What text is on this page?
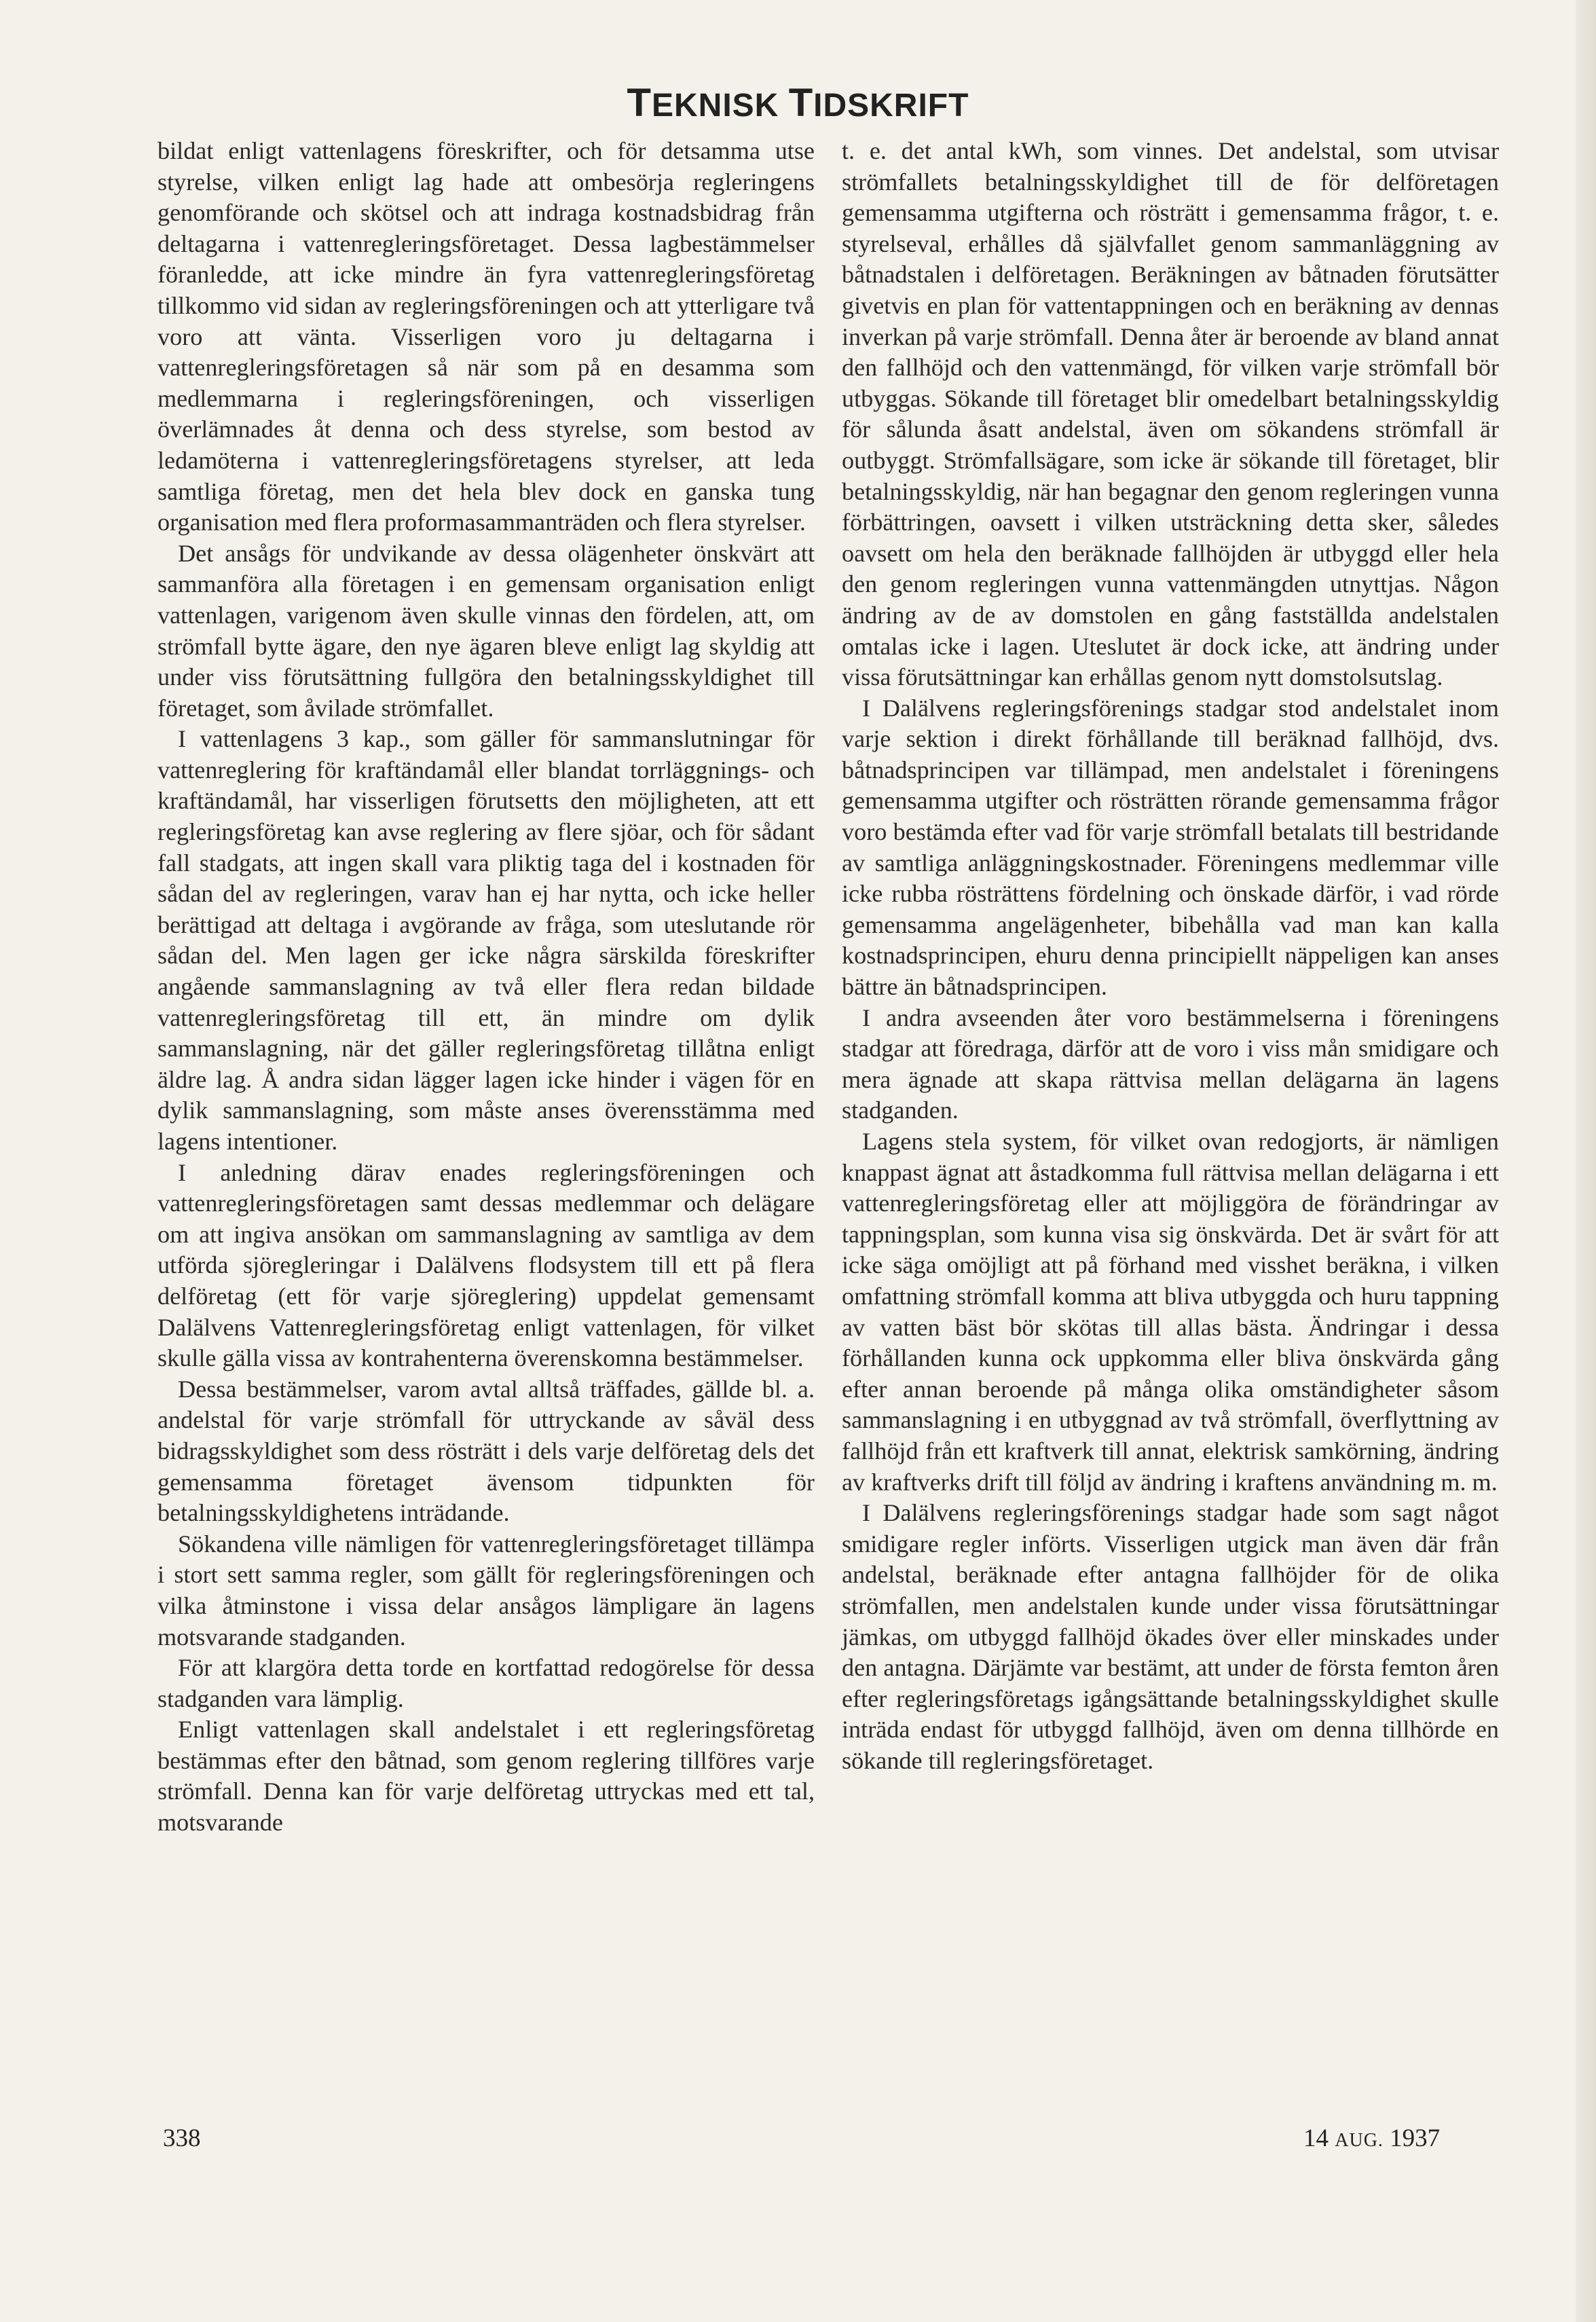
TEKNISK TIDSKRIFT

bildat enligt vattenlagens föreskrifter, och för detsamma utse styrelse, vilken enligt lag hade att ombesörja regleringens genomförande och skötsel och att indraga kostnadsbidrag från deltagarna i vattenregleringsföretaget. Dessa lagbestämmelser föranledde, att icke mindre än fyra vattenregleringsföretag tillkommo vid sidan av regleringsföreningen och att ytterligare två voro att vänta. Visserligen voro ju deltagarna i vattenregleringsföretagen så när som på en desamma som medlemmarna i regleringsföreningen, och visserligen överlämnades åt denna och dess styrelse, som bestod av ledamöterna i vattenregleringsföretagens styrelser, att leda samtliga företag, men det hela blev dock en ganska tung organisation med flera proformasammanträden och flera styrelser.

Det ansågs för undvikande av dessa olägenheter önskvärt att sammanföra alla företagen i en gemensam organisation enligt vattenlagen, varigenom även skulle vinnas den fördelen, att, om strömfall bytte ägare, den nye ägaren bleve enligt lag skyldig att under viss förutsättning fullgöra den betalningsskyldighet till företaget, som åvilade strömfallet.

I vattenlagens 3 kap., som gäller för sammanslutningar för vattenreglering för kraftändamål eller blandat torrläggnings- och kraftändamål, har visserligen förutsetts den möjligheten, att ett regleringsföretag kan avse reglering av flere sjöar, och för sådant fall stadgats, att ingen skall vara pliktig taga del i kostnaden för sådan del av regleringen, varav han ej har nytta, och icke heller berättigad att deltaga i avgörande av fråga, som uteslutande rör sådan del. Men lagen ger icke några särskilda föreskrifter angående sammanslagning av två eller flera redan bildade vattenregleringsföretag till ett, än mindre om dylik sammanslagning, när det gäller regleringsföretag tillåtna enligt äldre lag. Å andra sidan lägger lagen icke hinder i vägen för en dylik sammanslagning, som måste anses överensstämma med lagens intentioner.

I anledning därav enades regleringsföreningen och vattenregleringsföretagen samt dessas medlemmar och delägare om att ingiva ansökan om sammanslagning av samtliga av dem utförda sjöregleringar i Dalälvens flodsystem till ett på flera delföretag (ett för varje sjöreglering) uppdelat gemensamt Dalälvens Vattenregleringsföretag enligt vattenlagen, för vilket skulle gälla vissa av kontrahenterna överenskomna bestämmelser.

Dessa bestämmelser, varom avtal alltså träffades, gällde bl. a. andelstal för varje strömfall för uttryckande av såväl dess bidragsskyldighet som dess rösträtt i dels varje delföretag dels det gemensamma företaget ävensom tidpunkten för betalningsskyldighetens inträdande.

Sökandena ville nämligen för vattenregleringsföretaget tillämpa i stort sett samma regler, som gällt för regleringsföreningen och vilka åtminstone i vissa delar ansågos lämpligare än lagens motsvarande stadganden.

För att klargöra detta torde en kortfattad redogörelse för dessa stadganden vara lämplig.

Enligt vattenlagen skall andelstalet i ett regleringsföretag bestämmas efter den båtnad, som genom reglering tillföres varje strömfall. Denna kan för varje delföretag uttryckas med ett tal, motsvarande

t. e. det antal kWh, som vinnes. Det andelstal, som utvisar strömfallets betalningsskyldighet till de för delföretagen gemensamma utgifterna och rösträtt i gemensamma frågor, t. e. styrelseval, erhålles då självfallet genom sammanläggning av båtnadstalen i delföretagen. Beräkningen av båtnaden förutsätter givetvis en plan för vattentappningen och en beräkning av dennas inverkan på varje strömfall. Denna åter är beroende av bland annat den fallhöjd och den vattenmängd, för vilken varje strömfall bör utbyggas. Sökande till företaget blir omedelbart betalningsskyldig för sålunda åsatt andelstal, även om sökandens strömfall är outbyggt. Strömfallsägare, som icke är sökande till företaget, blir betalningsskyldig, när han begagnar den genom regleringen vunna förbättringen, oavsett i vilken utsträckning detta sker, således oavsett om hela den beräknade fallhöjden är utbyggd eller hela den genom regleringen vunna vattenmängden utnyttjas. Någon ändring av de av domstolen en gång fastställda andelstalen omtalas icke i lagen. Uteslutet är dock icke, att ändring under vissa förutsättningar kan erhållas genom nytt domstolsutslag.

I Dalälvens regleringsförenings stadgar stod andelstalet inom varje sektion i direkt förhållande till beräknad fallhöjd, dvs. båtnadsprincipen var tillämpad, men andelstalet i föreningens gemensamma utgifter och rösträtten rörande gemensamma frågor voro bestämda efter vad för varje strömfall betalats till bestridande av samtliga anläggningskostnader. Föreningens medlemmar ville icke rubba rösträttens fördelning och önskade därför, i vad rörde gemensamma angelägenheter, bibehålla vad man kan kalla kostnadsprincipen, ehuru denna principiellt näppeligen kan anses bättre än båtnadsprincipen.

I andra avseenden åter voro bestämmelserna i föreningens stadgar att föredraga, därför att de voro i viss mån smidigare och mera ägnade att skapa rättvisa mellan delägarna än lagens stadganden.

Lagens stela system, för vilket ovan redogjorts, är nämligen knappast ägnat att åstadkomma full rättvisa mellan delägarna i ett vattenregleringsföretag eller att möjliggöra de förändringar av tappningsplan, som kunna visa sig önskvärda. Det är svårt för att icke säga omöjligt att på förhand med visshet beräkna, i vilken omfattning strömfall komma att bliva utbyggda och huru tappning av vatten bäst bör skötas till allas bästa. Ändringar i dessa förhållanden kunna ock uppkomma eller bliva önskvärda gång efter annan beroende på många olika omständigheter såsom sammanslagning i en utbyggnad av två strömfall, överflyttning av fallhöjd från ett kraftverk till annat, elektrisk samkörning, ändring av kraftverks drift till följd av ändring i kraftens användning m. m.

I Dalälvens regleringsförenings stadgar hade som sagt något smidigare regler införts. Visserligen utgick man även där från andelstal, beräknade efter antagna fallhöjder för de olika strömfallen, men andelstalen kunde under vissa förutsättningar jämkas, om utbyggd fallhöjd ökades över eller minskades under den antagna. Därjämte var bestämt, att under de första femton åren efter regleringsföretags igångsättande betalningsskyldighet skulle inträda endast för utbyggd fallhöjd, även om denna tillhörde en sökande till regleringsföretaget.

338	14 AUG. 1937
